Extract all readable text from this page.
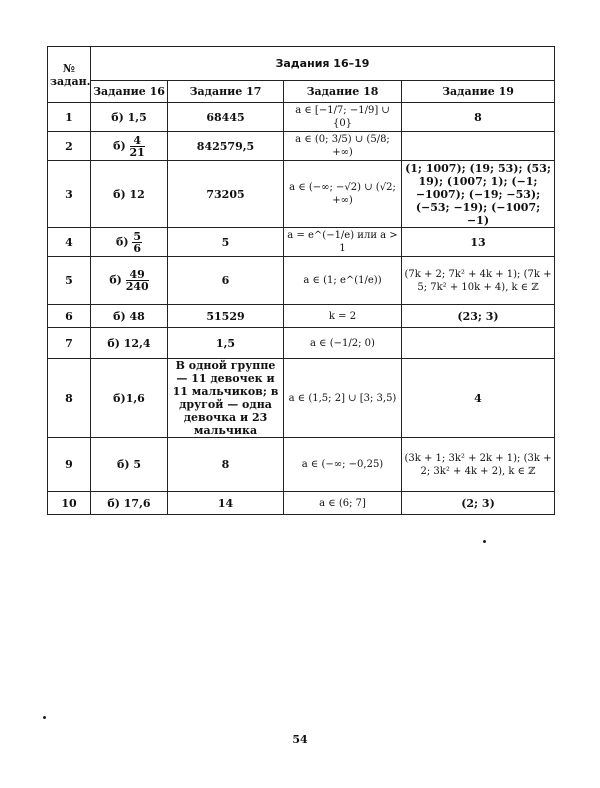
№ задан.	Задания 16–19			
	Задание 16	Задание 17	Задание 18	Задание 19
1	б) 1,5	68445	a ∈ [−1/7; −1/9] ∪ {0}	8
2	$б) \frac{4}{21}$	842579,5	a ∈ (0; 3/5) ∪ (5/8; +∞)	
3	б) 12	73205	a ∈ (−∞; −√2) ∪ (√2; +∞)	(1; 1007); (19; 53); (53; 19); (1007; 1); (−1; −1007); (−19; −53); (−53; −19); (−1007; −1)
4	$б) \frac{5}{6}$	5	a = e^(−1/e) или a > 1	13
5	$б) \frac{49}{240}$	6	a ∈ (1; e^(1/e))	(7k + 2; 7k² + 4k + 1); (7k + 5; 7k² + 10k + 4), k ∈ ℤ
6	б) 48	51529	k = 2	(23; 3)
7	б) 12,4	1,5	a ∈ (−1/2; 0)	
8	б)1,6	В одной группе — 11 девочек и 11 мальчиков; в другой — одна девочка и 23 мальчика	a ∈ (1,5; 2] ∪ [3; 3,5)	4
9	б) 5	8	a ∈ (−∞; −0,25)	(3k + 1; 3k² + 2k + 1); (3k + 2; 3k² + 4k + 2), k ∈ ℤ
10	б) 17,6	14	a ∈ (6; 7]	(2; 3)
54
